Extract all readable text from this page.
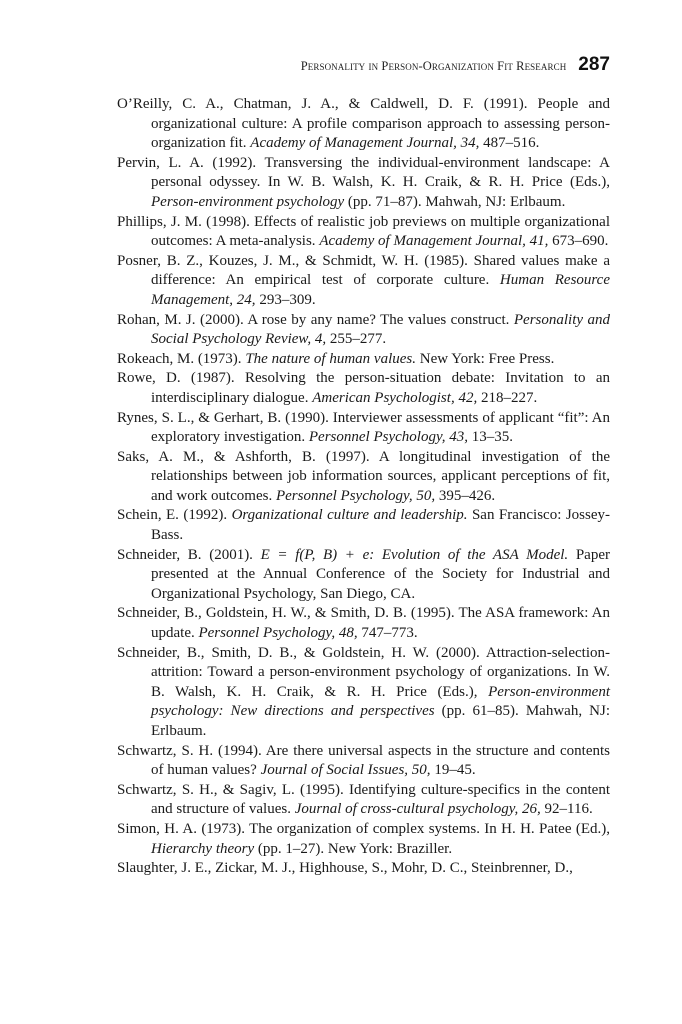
Personality in Person-Organization Fit Research 287

O’Reilly, C. A., Chatman, J. A., & Caldwell, D. F. (1991). People and organizational culture: A profile comparison approach to assessing person-organization fit. Academy of Management Journal, 34, 487–516.

Pervin, L. A. (1992). Transversing the individual-environment landscape: A personal odyssey. In W. B. Walsh, K. H. Craik, & R. H. Price (Eds.), Person-environment psychology (pp. 71–87). Mahwah, NJ: Erlbaum.

Phillips, J. M. (1998). Effects of realistic job previews on multiple organizational outcomes: A meta-analysis. Academy of Management Journal, 41, 673–690.

Posner, B. Z., Kouzes, J. M., & Schmidt, W. H. (1985). Shared values make a difference: An empirical test of corporate culture. Human Resource Management, 24, 293–309.

Rohan, M. J. (2000). A rose by any name? The values construct. Personality and Social Psychology Review, 4, 255–277.

Rokeach, M. (1973). The nature of human values. New York: Free Press.

Rowe, D. (1987). Resolving the person-situation debate: Invitation to an interdisciplinary dialogue. American Psychologist, 42, 218–227.

Rynes, S. L., & Gerhart, B. (1990). Interviewer assessments of applicant “fit”: An exploratory investigation. Personnel Psychology, 43, 13–35.

Saks, A. M., & Ashforth, B. (1997). A longitudinal investigation of the relationships between job information sources, applicant perceptions of fit, and work outcomes. Personnel Psychology, 50, 395–426.

Schein, E. (1992). Organizational culture and leadership. San Francisco: Jossey-Bass.

Schneider, B. (2001). E = f(P, B) + e: Evolution of the ASA Model. Paper presented at the Annual Conference of the Society for Industrial and Organizational Psychology, San Diego, CA.

Schneider, B., Goldstein, H. W., & Smith, D. B. (1995). The ASA framework: An update. Personnel Psychology, 48, 747–773.

Schneider, B., Smith, D. B., & Goldstein, H. W. (2000). Attraction-selection-attrition: Toward a person-environment psychology of organizations. In W. B. Walsh, K. H. Craik, & R. H. Price (Eds.), Person-environment psychology: New directions and perspectives (pp. 61–85). Mahwah, NJ: Erlbaum.

Schwartz, S. H. (1994). Are there universal aspects in the structure and contents of human values? Journal of Social Issues, 50, 19–45.

Schwartz, S. H., & Sagiv, L. (1995). Identifying culture-specifics in the content and structure of values. Journal of cross-cultural psychology, 26, 92–116.

Simon, H. A. (1973). The organization of complex systems. In H. H. Patee (Ed.), Hierarchy theory (pp. 1–27). New York: Braziller.

Slaughter, J. E., Zickar, M. J., Highhouse, S., Mohr, D. C., Steinbrenner, D.,
